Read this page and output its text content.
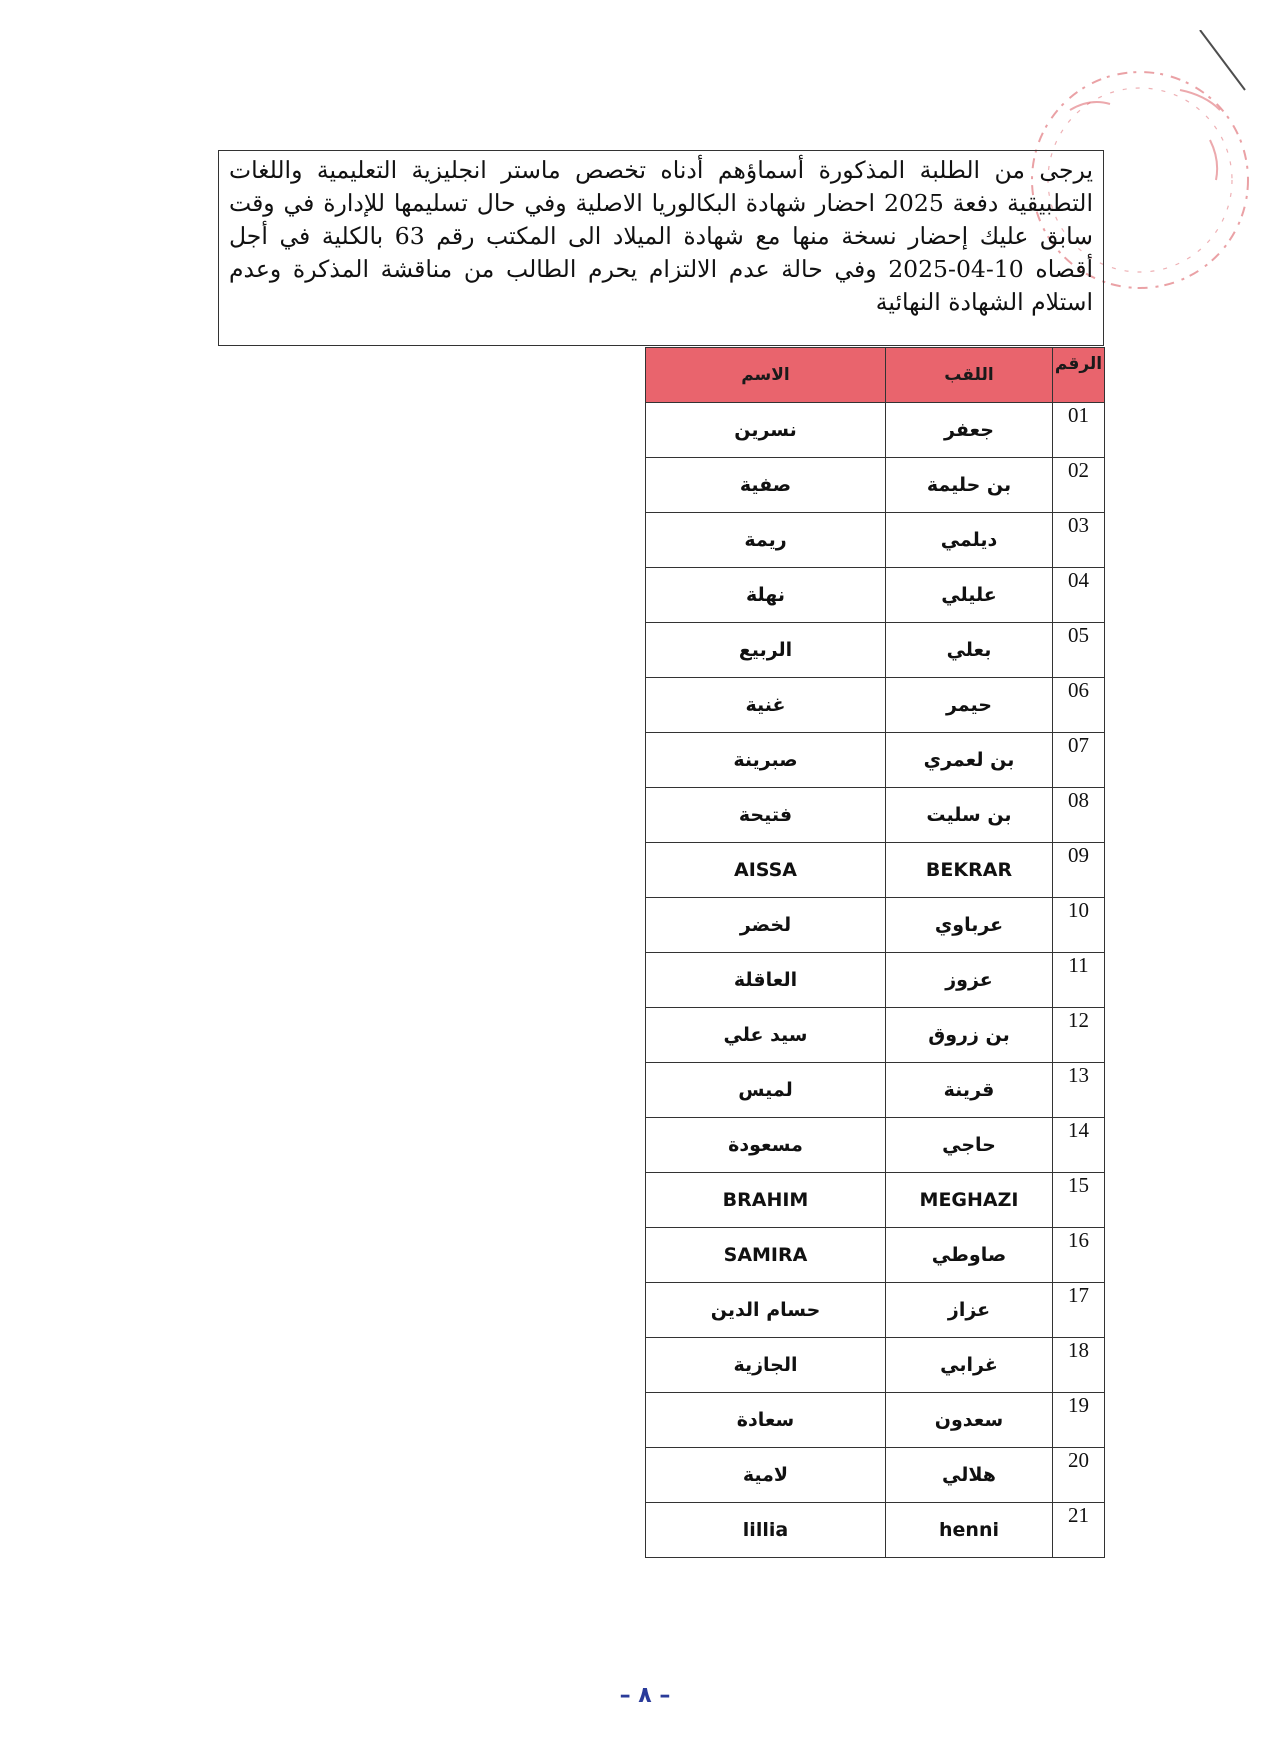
يرجى من الطلبة المذكورة أسماؤهم أدناه تخصص ماستر انجليزية التعليمية واللغات التطبيقية دفعة 2025 احضار شهادة البكالوريا الاصلية وفي حال تسليمها للإدارة في وقت سابق عليك إحضار نسخة منها مع شهادة الميلاد الى المكتب رقم 63 بالكلية في أجل أقصاه 10-04-2025 وفي حالة عدم الالتزام يحرم الطالب من مناقشة المذكرة وعدم استلام الشهادة النهائية

الرقم	اللقب	الاسم
01	جعفر	نسرين
02	بن حليمة	صفية
03	ديلمي	ريمة
04	عليلي	نهلة
05	بعلي	الربيع
06	حيمر	غنية
07	بن لعمري	صبرينة
08	بن سليت	فتيحة
09	BEKRAR	AISSA
10	عرباوي	لخضر
11	عزوز	العاقلة
12	بن زروق	سيد علي
13	قرينة	لميس
14	حاجي	مسعودة
15	MEGHAZI	BRAHIM
16	صاوطي	SAMIRA
17	عزاز	حسام الدين
18	غرابي	الجازية
19	سعدون	سعادة
20	هلالي	لامية
21	henni	lillia
– ٨ –
